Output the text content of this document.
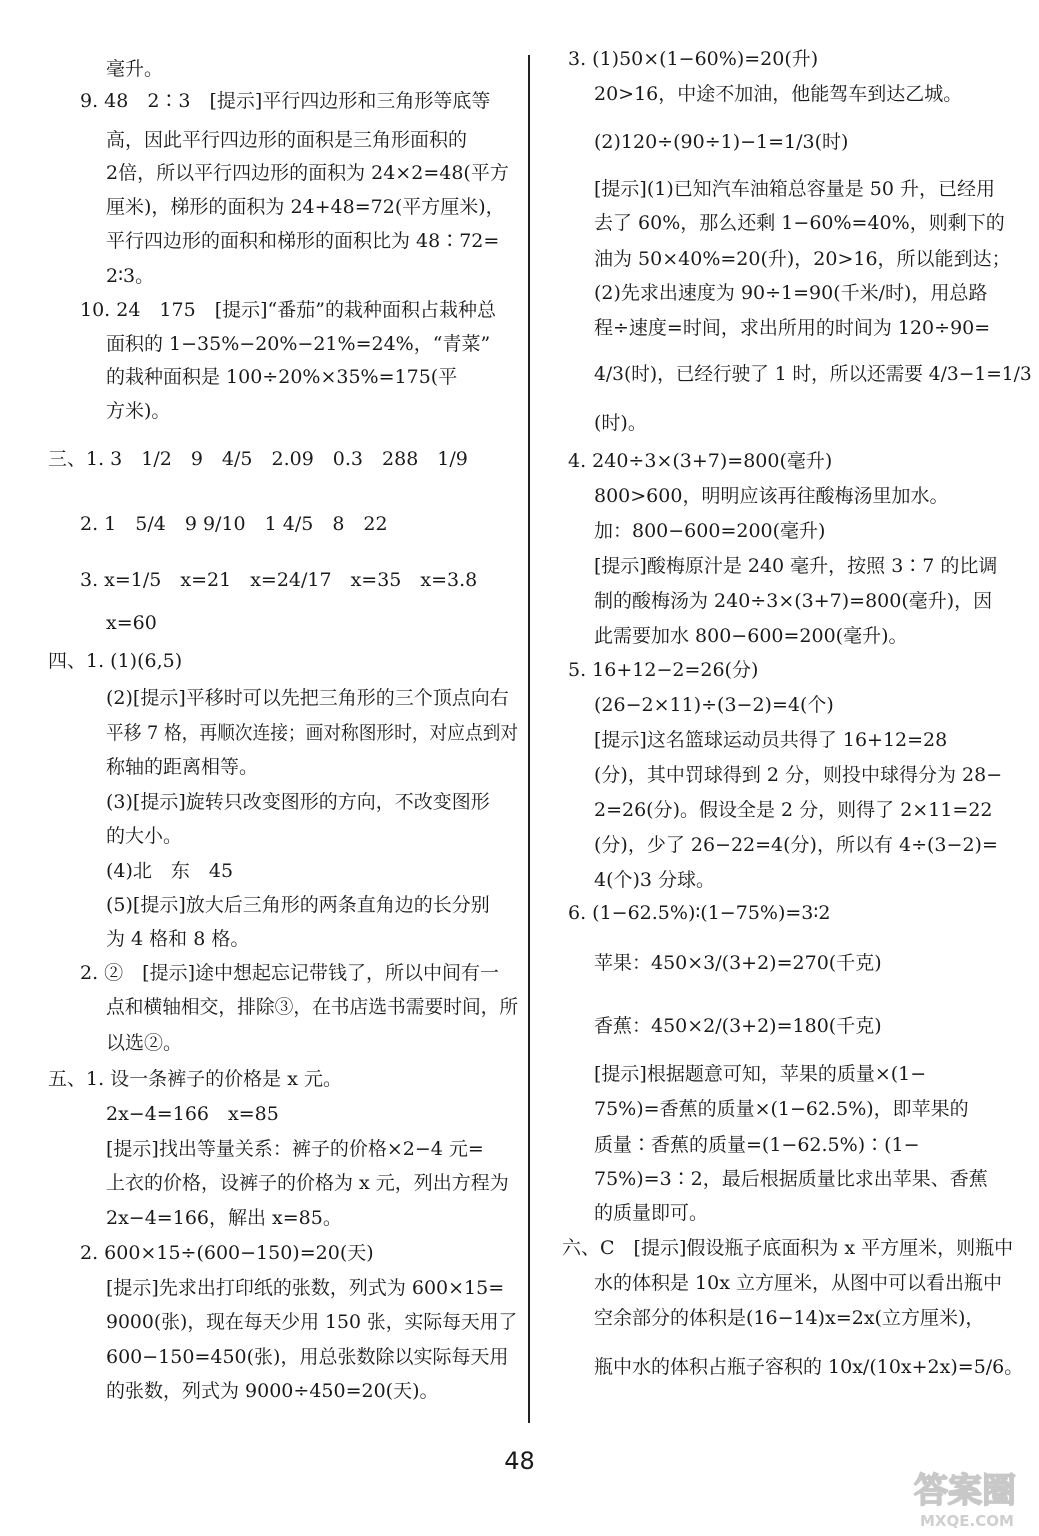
毫升。
9. 48　2∶3　[提示]平行四边形和三角形等底等
高，因此平行四边形的面积是三角形面积的
2倍，所以平行四边形的面积为 24×2=48(平方
厘米)，梯形的面积为 24+48=72(平方厘米)，
平行四边形的面积和梯形的面积比为 48∶72=
2∶3。
10. 24　175　[提示]“番茄”的栽种面积占栽种总
面积的 1−35%−20%−21%=24%，“青菜”
的栽种面积是 100÷20%×35%=175(平
方米)。
三、1. 3　1/2　9　4/5　2.09　0.3　288　1/9
2. 1　5/4　9 9/10　1 4/5　8　22
3. x=1/5　x=21　x=24/17　x=35　x=3.8
x=60
四、1. (1)(6,5)
(2)[提示]平移时可以先把三角形的三个顶点向右
平移 7 格，再顺次连接；画对称图形时，对应点到对
称轴的距离相等。
(3)[提示]旋转只改变图形的方向，不改变图形
的大小。
(4)北　东　45
(5)[提示]放大后三角形的两条直角边的长分别
为 4 格和 8 格。
2. ②　[提示]途中想起忘记带钱了，所以中间有一
点和横轴相交，排除③，在书店选书需要时间，所
以选②。
五、1. 设一条裤子的价格是 x 元。
2x−4=166　x=85
[提示]找出等量关系：裤子的价格×2−4 元=
上衣的价格，设裤子的价格为 x 元，列出方程为
2x−4=166，解出 x=85。
2. 600×15÷(600−150)=20(天)
[提示]先求出打印纸的张数，列式为 600×15=
9000(张)，现在每天少用 150 张，实际每天用了
600−150=450(张)，用总张数除以实际每天用
的张数，列式为 9000÷450=20(天)。
3. (1)50×(1−60%)=20(升)
20>16，中途不加油，他能驾车到达乙城。
(2)120÷(90÷1)−1=1/3(时)
[提示](1)已知汽车油箱总容量是 50 升，已经用
去了 60%，那么还剩 1−60%=40%，则剩下的
油为 50×40%=20(升)，20>16，所以能到达；
(2)先求出速度为 90÷1=90(千米/时)，用总路
程÷速度=时间，求出所用的时间为 120÷90=
4/3(时)，已经行驶了 1 时，所以还需要 4/3−1=1/3
(时)。
4. 240÷3×(3+7)=800(毫升)
800>600，明明应该再往酸梅汤里加水。
加：800−600=200(毫升)
[提示]酸梅原汁是 240 毫升，按照 3∶7 的比调
制的酸梅汤为 240÷3×(3+7)=800(毫升)，因
此需要加水 800−600=200(毫升)。
5. 16+12−2=26(分)
(26−2×11)÷(3−2)=4(个)
[提示]这名篮球运动员共得了 16+12=28
(分)，其中罚球得到 2 分，则投中球得分为 28−
2=26(分)。假设全是 2 分，则得了 2×11=22
(分)，少了 26−22=4(分)，所以有 4÷(3−2)=
4(个)3 分球。
6. (1−62.5%)∶(1−75%)=3∶2
苹果：450×3/(3+2)=270(千克)
香蕉：450×2/(3+2)=180(千克)
[提示]根据题意可知，苹果的质量×(1−
75%)=香蕉的质量×(1−62.5%)，即苹果的
质量∶香蕉的质量=(1−62.5%)∶(1−
75%)=3∶2，最后根据质量比求出苹果、香蕉
的质量即可。
六、C　[提示]假设瓶子底面积为 x 平方厘米，则瓶中
水的体积是 10x 立方厘米，从图中可以看出瓶中
空余部分的体积是(16−14)x=2x(立方厘米)，
瓶中水的体积占瓶子容积的 10x/(10x+2x)=5/6。
48
答案圈
MXQE.COM
